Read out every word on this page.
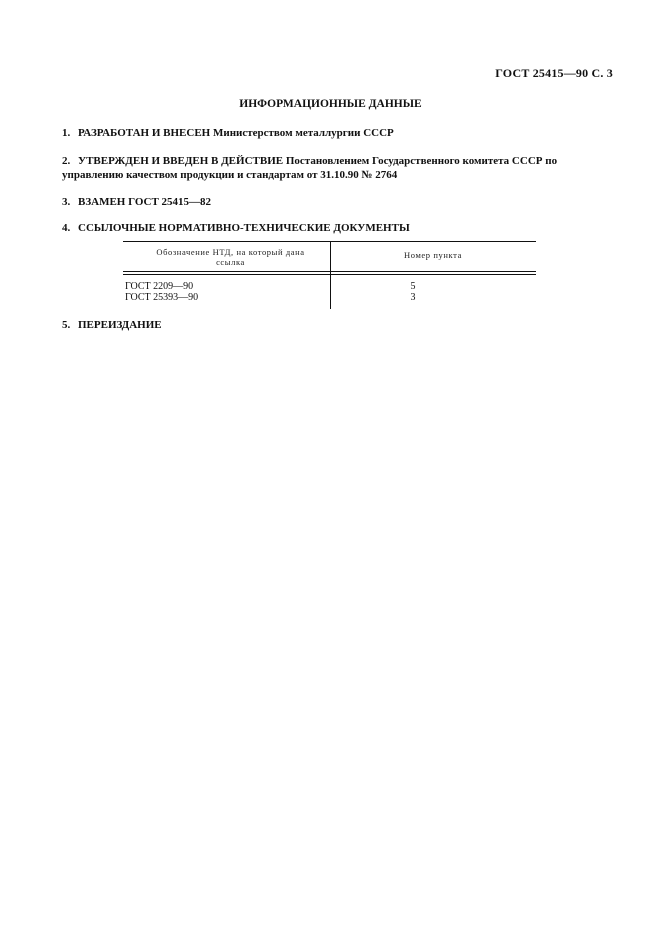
ГОСТ 25415—90 С. 3
ИНФОРМАЦИОННЫЕ ДАННЫЕ
1. РАЗРАБОТАН И ВНЕСЕН Министерством металлургии СССР
2. УТВЕРЖДЕН И ВВЕДЕН В ДЕЙСТВИЕ Постановлением Государственного комитета СССР по
управлению качеством продукции и стандартам от 31.10.90 № 2764
3. ВЗАМЕН ГОСТ 25415—82
4. ССЫЛОЧНЫЕ НОРМАТИВНО-ТЕХНИЧЕСКИЕ ДОКУМЕНТЫ
Обозначение НТД, на который дана ссылка
Номер пункта
ГОСТ 2209—90	5
ГОСТ 25393—90	3
5. ПЕРЕИЗДАНИЕ
